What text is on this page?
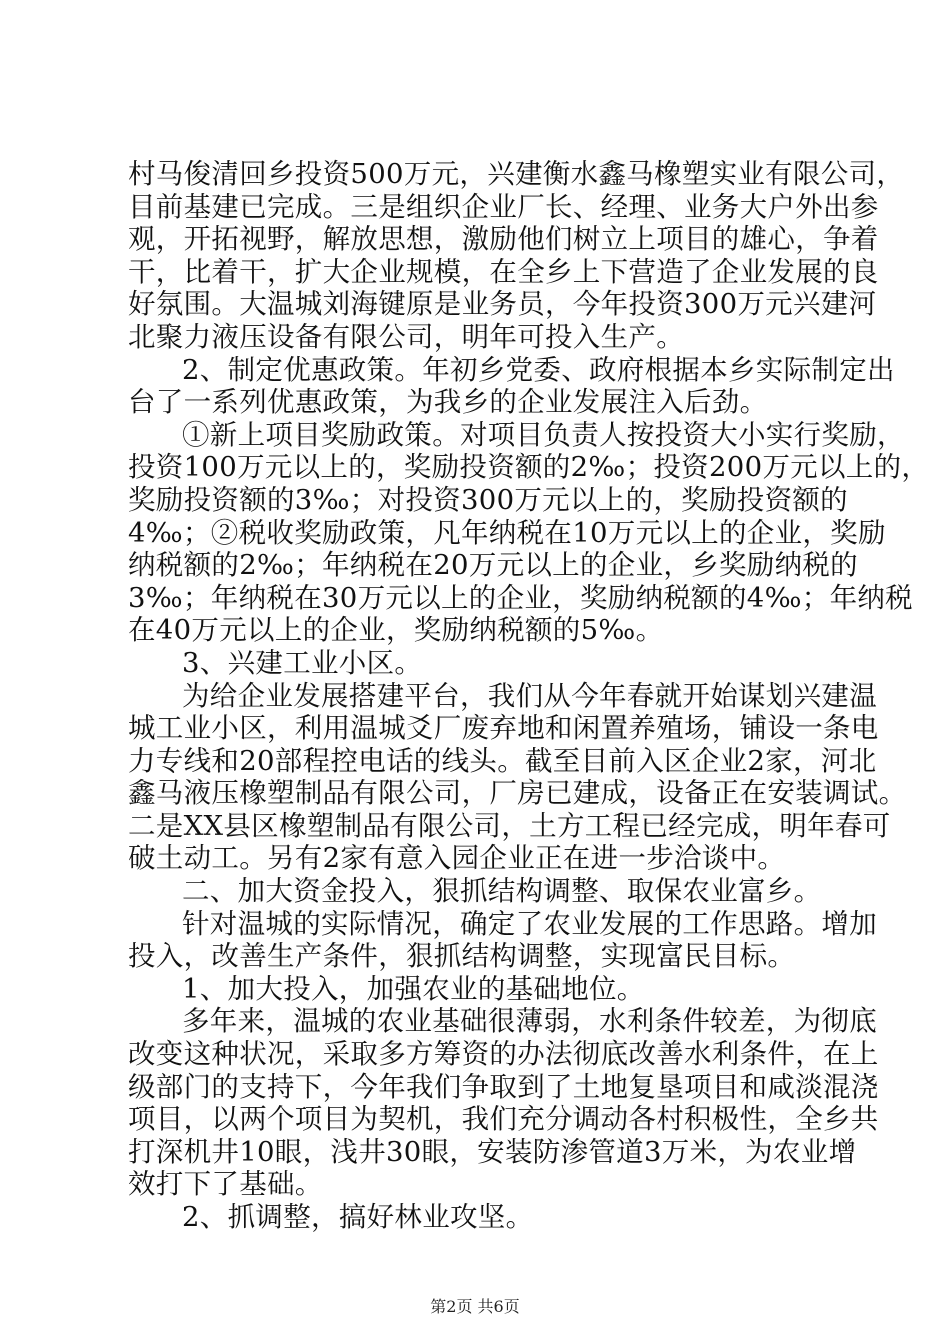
村马俊清回乡投资500万元，兴建衡水鑫马橡塑实业有限公司，
目前基建已完成。三是组织企业厂长、经理、业务大户外出参
观，开拓视野，解放思想，激励他们树立上项目的雄心，争着
干，比着干，扩大企业规模，在全乡上下营造了企业发展的良
好氛围。大温城刘海键原是业务员，今年投资300万元兴建河
北聚力液压设备有限公司，明年可投入生产。
2、制定优惠政策。年初乡党委、政府根据本乡实际制定出
台了一系列优惠政策，为我乡的企业发展注入后劲。
①新上项目奖励政策。对项目负责人按投资大小实行奖励，
投资100万元以上的，奖励投资额的2‰；投资200万元以上的，
奖励投资额的3‰；对投资300万元以上的，奖励投资额的
4‰；②税收奖励政策，凡年纳税在10万元以上的企业，奖励
纳税额的2‰；年纳税在20万元以上的企业，乡奖励纳税的
3‰；年纳税在30万元以上的企业，奖励纳税额的4‰；年纳税
在40万元以上的企业，奖励纳税额的5‰。
3、兴建工业小区。
为给企业发展搭建平台，我们从今年春就开始谋划兴建温
城工业小区，利用温城爻厂废弃地和闲置养殖场，铺设一条电
力专线和20部程控电话的线头。截至目前入区企业2家，河北
鑫马液压橡塑制品有限公司，厂房已建成，设备正在安装调试。
二是XX县区橡塑制品有限公司，土方工程已经完成，明年春可
破土动工。另有2家有意入园企业正在进一步洽谈中。
二、加大资金投入，狠抓结构调整、取保农业富乡。
针对温城的实际情况，确定了农业发展的工作思路。增加
投入，改善生产条件，狠抓结构调整，实现富民目标。
1、加大投入，加强农业的基础地位。
多年来，温城的农业基础很薄弱，水利条件较差，为彻底
改变这种状况，采取多方筹资的办法彻底改善水利条件，在上
级部门的支持下，今年我们争取到了土地复垦项目和咸淡混浇
项目，以两个项目为契机，我们充分调动各村积极性，全乡共
打深机井10眼，浅井30眼，安装防渗管道3万米，为农业增
效打下了基础。
2、抓调整，搞好林业攻坚。
第2页 共6页
